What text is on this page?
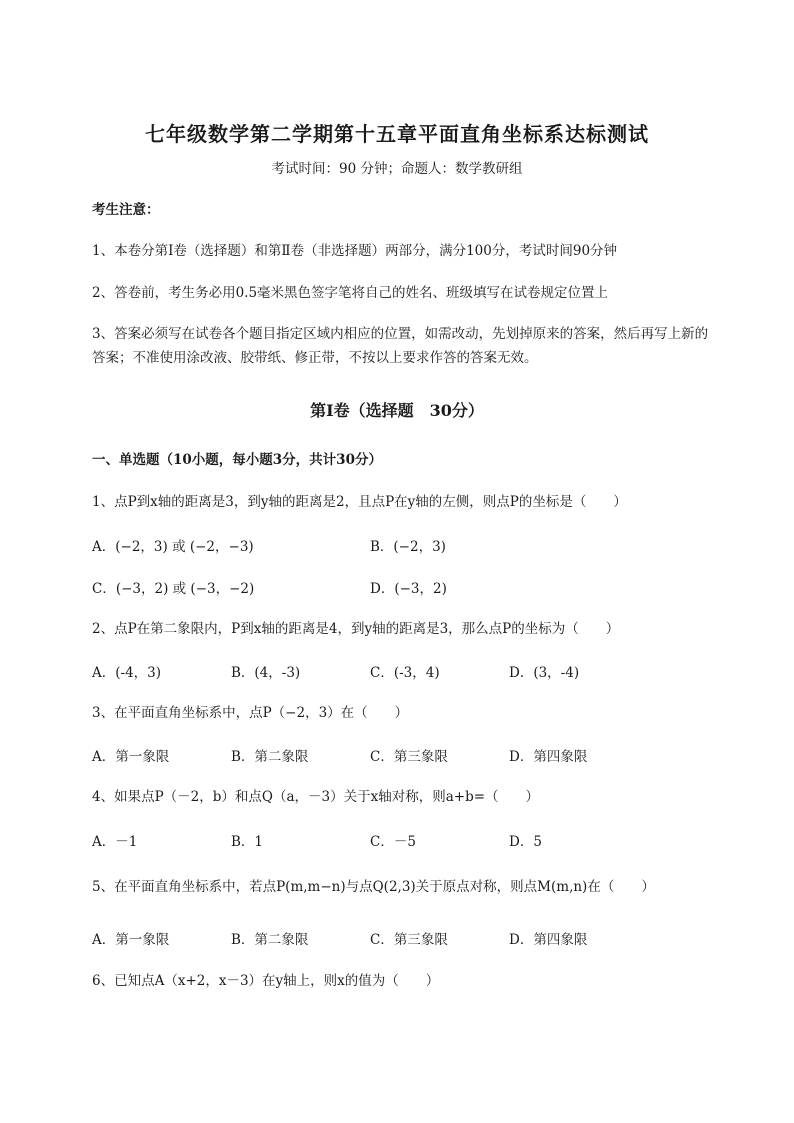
七年级数学第二学期第十五章平面直角坐标系达标测试
考试时间：90 分钟；命题人：数学教研组
考生注意：
1、本卷分第Ⅰ卷（选择题）和第Ⅱ卷（非选择题）两部分，满分100分，考试时间90分钟
2、答卷前，考生务必用0.5毫米黑色签字笔将自己的姓名、班级填写在试卷规定位置上
3、答案必须写在试卷各个题目指定区域内相应的位置，如需改动，先划掉原来的答案，然后再写上新的答案；不准使用涂改液、胶带纸、修正带，不按以上要求作答的答案无效。
第Ⅰ卷（选择题　30分）
一、单选题（10小题，每小题3分，共计30分）
1、点P到x轴的距离是3，到y轴的距离是2，且点P在y轴的左侧，则点P的坐标是（　　）
A．(−2，3) 或 (−2，−3)	B．(−2，3)
C．(−3，2) 或 (−3，−2)	D．(−3，2)
2、点P在第二象限内，P到x轴的距离是4，到y轴的距离是3，那么点P的坐标为（　　）
A．(-4，3)	B．(4，-3)	C．(-3，4)	D．(3，-4)
3、在平面直角坐标系中，点P（−2，3）在（　　）
A．第一象限	B．第二象限	C．第三象限	D．第四象限
4、如果点P（－2，b）和点Q（a，－3）关于x轴对称，则a+b=（　　）
A．－1	B．1	C．－5	D．5
5、在平面直角坐标系中，若点P(m,m−n)与点Q(2,3)关于原点对称，则点M(m,n)在（　　）
A．第一象限	B．第二象限	C．第三象限	D．第四象限
6、已知点A（x+2，x－3）在y轴上，则x的值为（　　）
